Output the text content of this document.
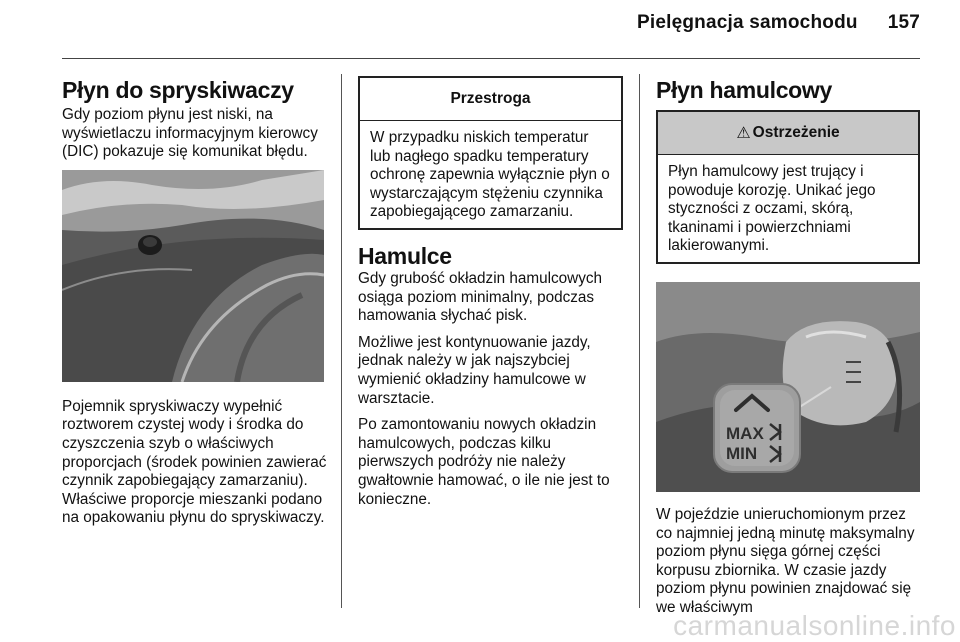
Pielęgnacja samochodu 157
Płyn do spryskiwaczy

Gdy poziom płynu jest niski, na wyświetlaczu informacyjnym kierowcy (DIC) pokazuje się komunikat błędu.

Pojemnik spryskiwaczy wypełnić roztworem czystej wody i środka do czyszczenia szyb o właściwych proporcjach (środek powinien zawierać czynnik zapobiegający zamarzaniu). Właściwe proporcje mieszanki podano na opakowaniu płynu do spryskiwaczy.

Przestroga
W przypadku niskich temperatur lub nagłego spadku temperatury ochronę zapewnia wyłącznie płyn o wystarczającym stężeniu czynnika zapobiegającego zamarzaniu.
Hamulce

Gdy grubość okładzin hamulcowych osiąga poziom minimalny, podczas hamowania słychać pisk.

Możliwe jest kontynuowanie jazdy, jednak należy w jak najszybciej wymienić okładziny hamulcowe w warsztacie.

Po zamontowaniu nowych okładzin hamulcowych, podczas kilku pierwszych podróży nie należy gwałtownie hamować, o ile nie jest to konieczne.

Płyn hamulcowy
⚠ Ostrzeżenie
Płyn hamulcowy jest trujący i powoduje korozję. Unikać jego styczności z oczami, skórą, tkaninami i powierzchniami lakierowanymi.
MAX
MIN

W pojeździe unieruchomionym przez co najmniej jedną minutę maksymalny poziom płynu sięga górnej części korpusu zbiornika. W czasie jazdy poziom płynu powinien znajdować się we właściwym

carmanualsonline.info
